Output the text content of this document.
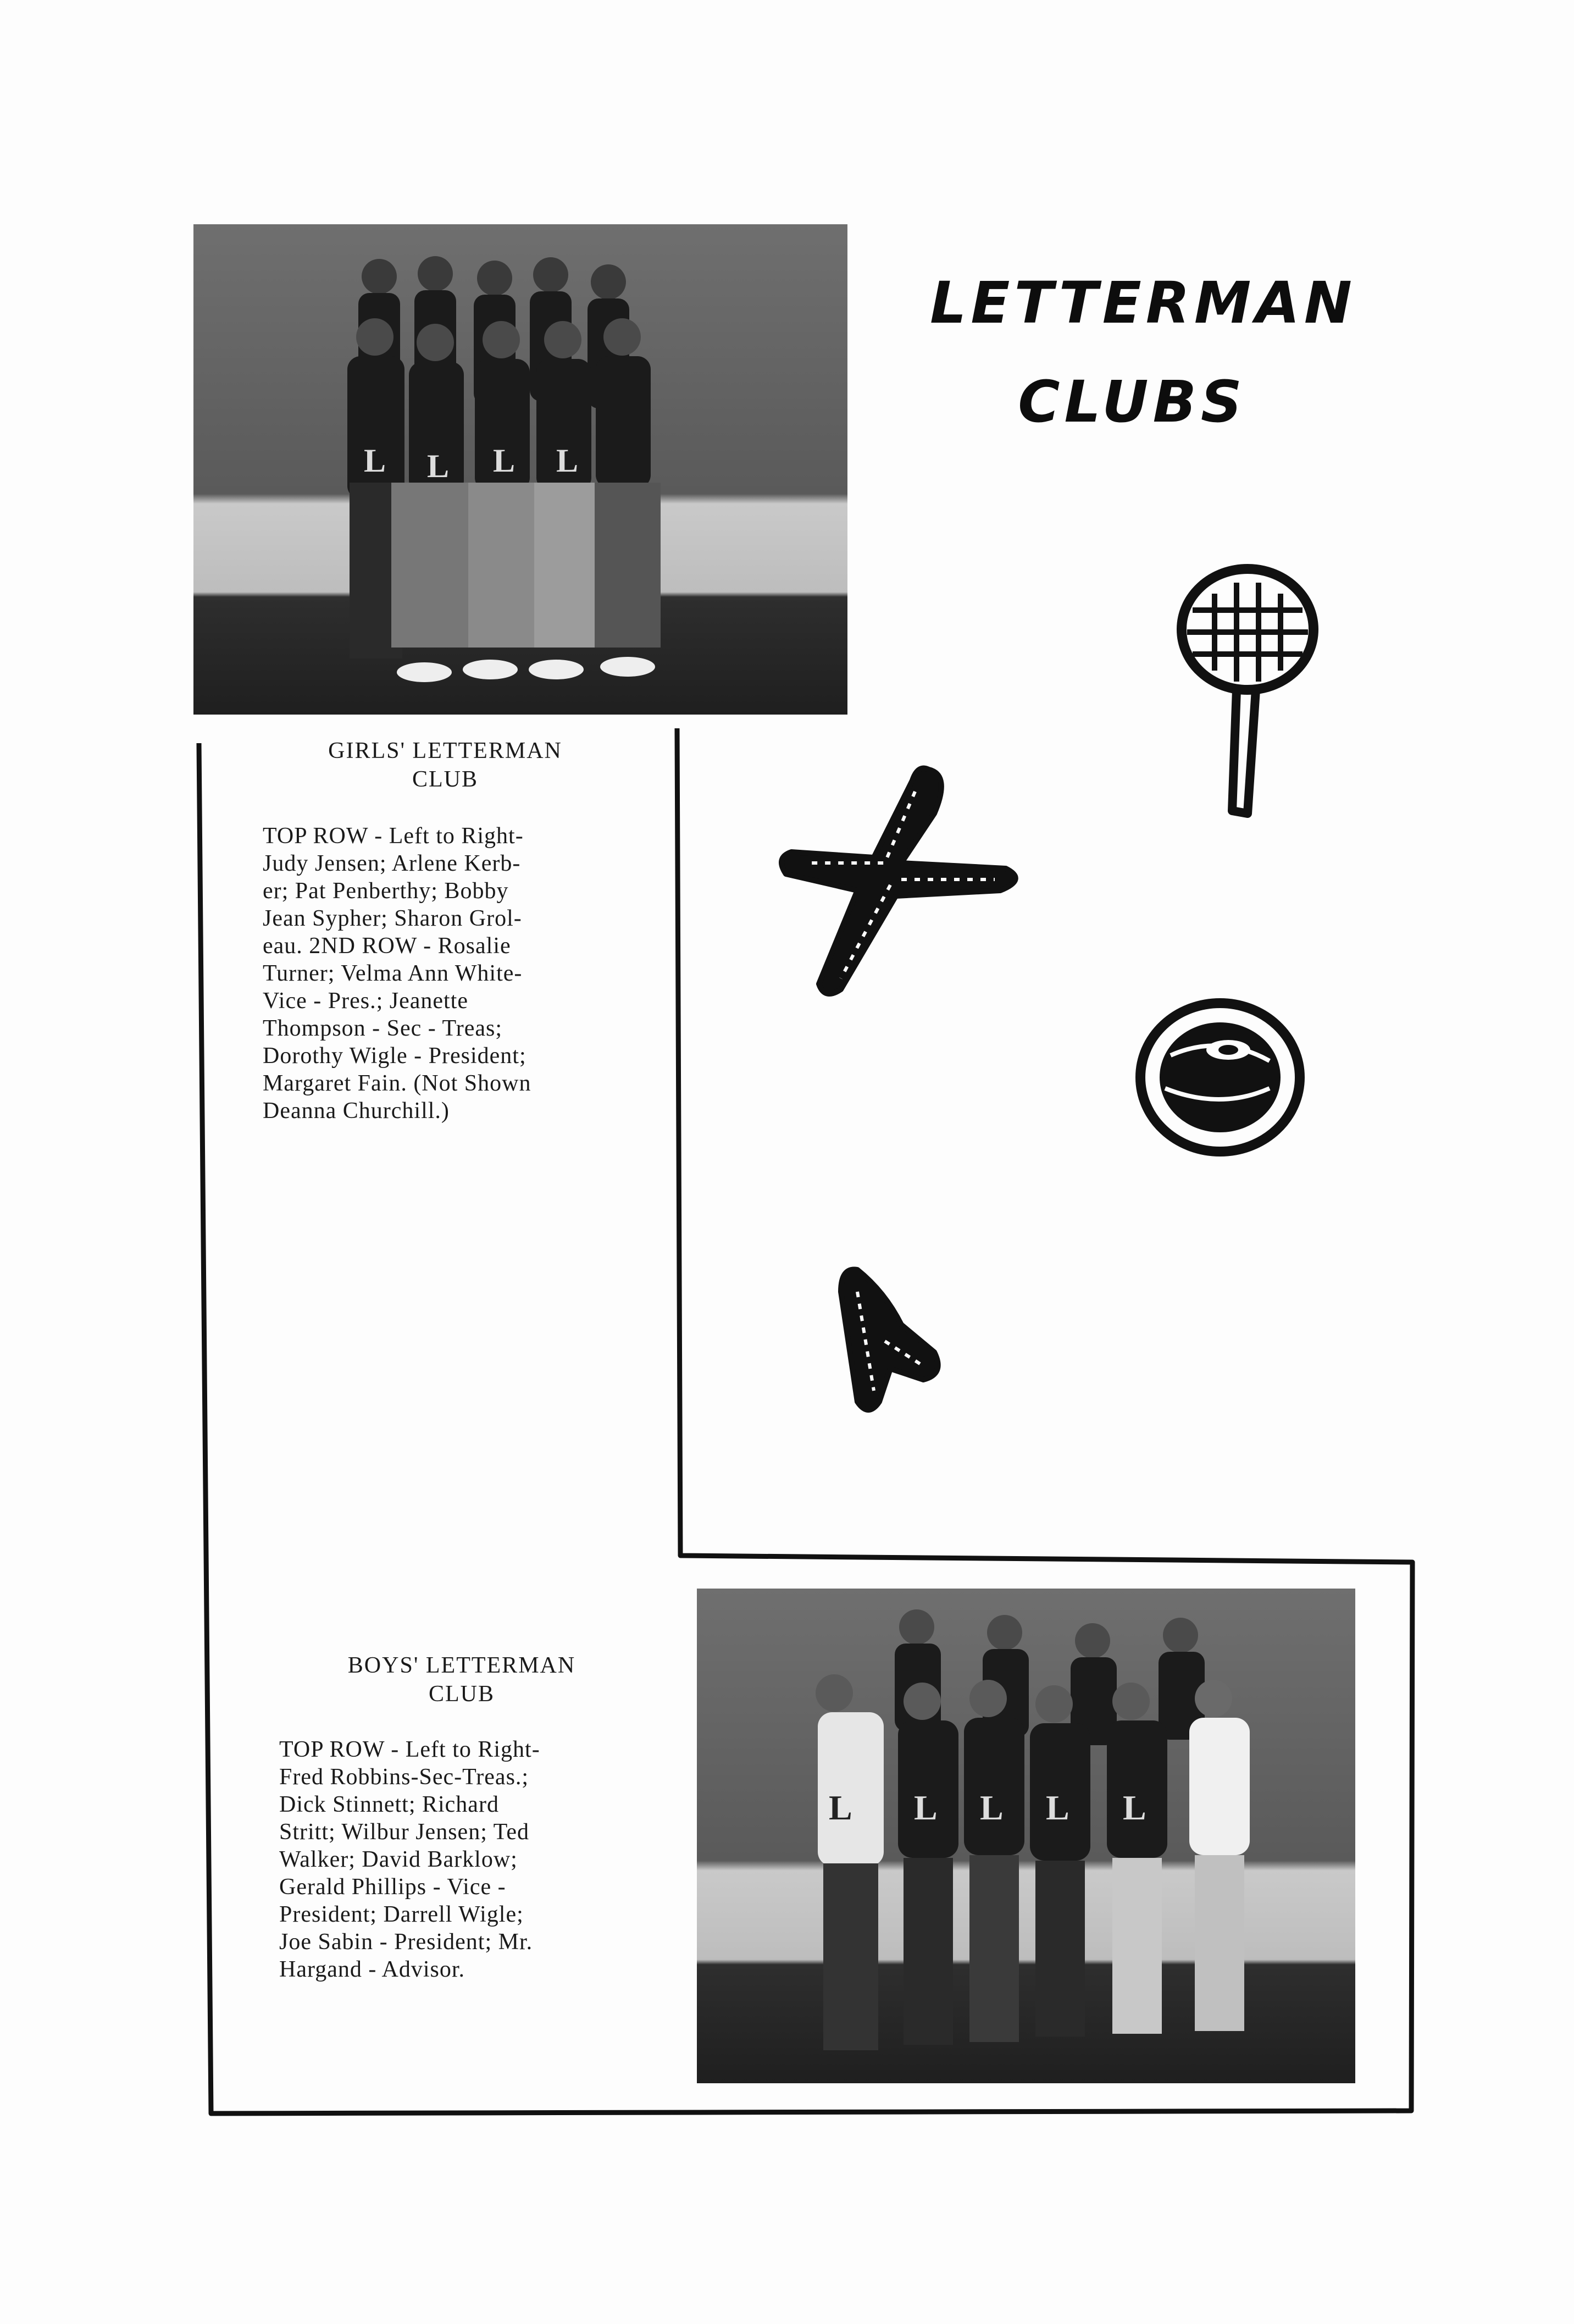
L L L L
L L L L L
LETTERMAN
CLUBS
GIRLS' LETTERMAN
CLUB
TOP ROW - Left to Right-
Judy Jensen; Arlene Kerb-
er; Pat Penberthy; Bobby
Jean Sypher; Sharon Grol-
eau. 2ND ROW - Rosalie
Turner; Velma Ann White-
Vice - Pres.; Jeanette
Thompson - Sec - Treas;
Dorothy Wigle - President;
Margaret Fain. (Not Shown
Deanna Churchill.)
BOYS' LETTERMAN
CLUB
TOP ROW - Left to Right-
Fred Robbins-Sec-Treas.;
Dick Stinnett; Richard
Stritt; Wilbur Jensen; Ted
Walker; David Barklow;
Gerald Phillips - Vice -
President; Darrell Wigle;
Joe Sabin - President; Mr.
Hargand - Advisor.
